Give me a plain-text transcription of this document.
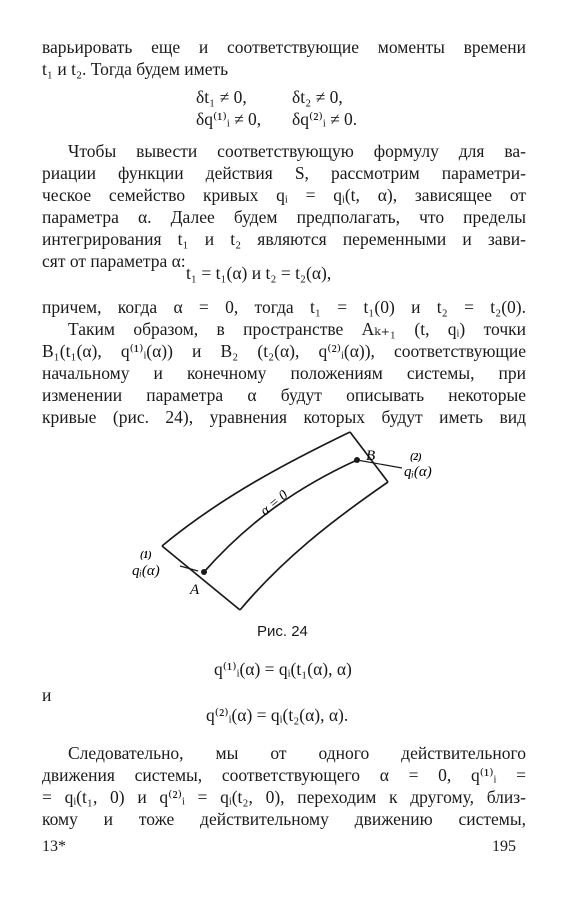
варьировать еще и соответствующие моменты времени
t₁ и t₂. Тогда будем иметь
δt₁ ≠ 0,	δt₂ ≠ 0,
δq⁽¹⁾ᵢ ≠ 0, δq⁽²⁾ᵢ ≠ 0.
Чтобы вывести соответствующую формулу для ва-
риации функции действия S, рассмотрим параметри-
ческое семейство кривых qᵢ = qᵢ(t, α), зависящее от
параметра α. Далее будем предполагать, что пределы
интегрирования t₁ и t₂ являются переменными и зави-
сят от параметра α:
t₁ = t₁(α) и t₂ = t₂(α),
причем, когда α = 0, тогда t₁ = t₁(0) и t₂ = t₂(0).
Таким образом, в пространстве Aₖ₊₁ (t, qᵢ) точки
B₁(t₁(α), q⁽¹⁾ᵢ(α)) и B₂ (t₂(α), q⁽²⁾ᵢ(α)), соответствующие
начальному и конечному положениям системы, при
изменении параметра α будут описывать некоторые
кривые (рис. 24), уравнения которых будут иметь вид
α = 0
A
B
(1)
qᵢ(α)
(2)
qᵢ(α)
Рис. 24
q⁽¹⁾ᵢ(α) = qᵢ(t₁(α), α)
и
q⁽²⁾ᵢ(α) = qᵢ(t₂(α), α).
Следовательно, мы от одного действительного
движения системы, соответствующего α = 0, q⁽¹⁾ᵢ =
= qᵢ(t₁, 0) и q⁽²⁾ᵢ = qᵢ(t₂, 0), переходим к другому, близ-
кому и тоже действительному движению системы,
13*	195
